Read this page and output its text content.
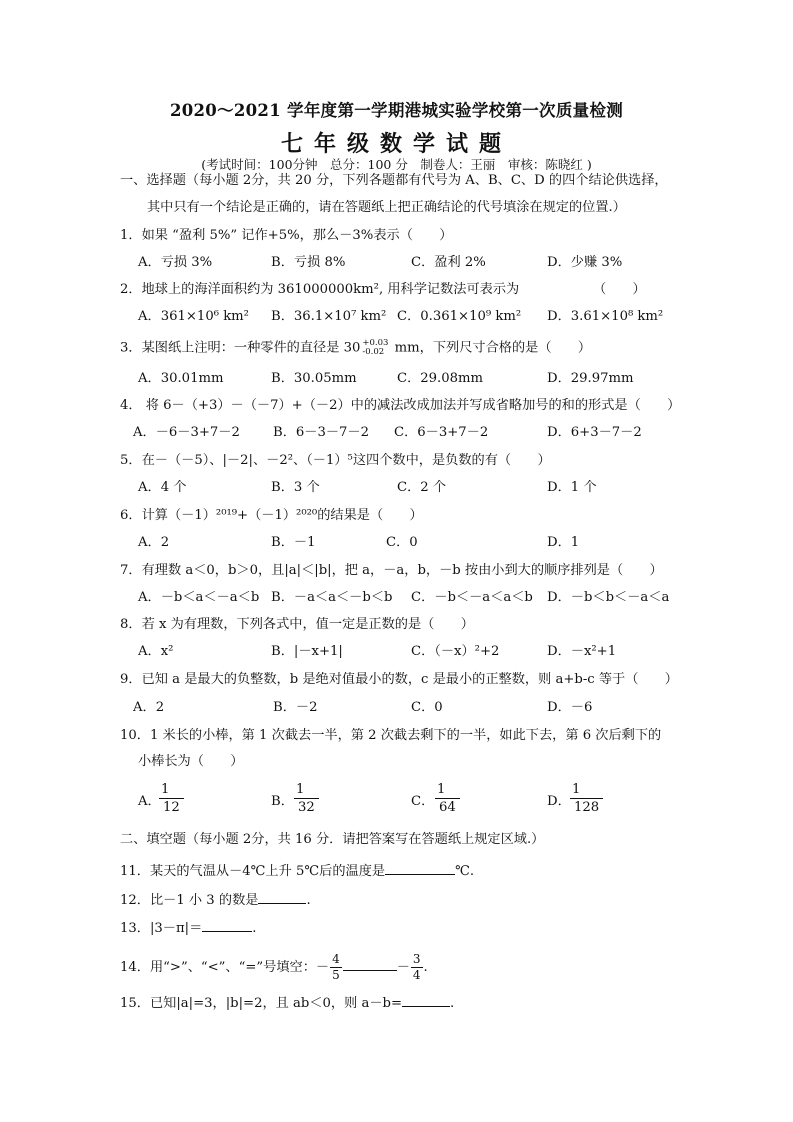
2020～2021 学年度第一学期港城实验学校第一次质量检测
七年级数学试题
(考试时间：100分钟　总分：100 分　制卷人：王丽　审核：陈晓红 )
一、选择题（每小题 2分，共 20 分，下列各题都有代号为 A、B、C、D 的四个结论供选择，
其中只有一个结论是正确的，请在答题纸上把正确结论的代号填涂在规定的位置.）
1．如果 “盈利 5%” 记作+5%，那么－3%表示（　　）
A．亏损 3%	B．亏损 8%	C．盈利 2%	D．少赚 3%
2．地球上的海洋面积约为 361000000km², 用科学记数法可表示为	（　　）
A．361×10⁶ km² B．36.1×10⁷ km² C．0.361×10⁹ km² D．3.61×10⁸ km²
3．某图纸上注明：一种零件的直径是 30 +0.03
-0.02 mm，下列尺寸合格的是（　　）
A．30.01mm	B．30.05mm	C．29.08mm	D．29.97mm
4． 将 6－（+3）－（－7）+（－2）中的减法改成加法并写成省略加号的和的形式是（　　）
A．－6－3+7－2	B．6－3－7－2 C．6－3+7－2	D．6+3－7－2
5．在－（－5）、|－2|、－2²、（－1）⁵这四个数中，是负数的有（　　）
A．4 个	B．3 个	C．2 个	D．1 个
6．计算（－1）²⁰¹⁹+（－1）²⁰²⁰的结果是（　　）
A．2	B．－1	C．0	D．1
7．有理数 a＜0，b＞0，且|a|＜|b|，把 a，－a，b，－b 按由小到大的顺序排列是（　　）
A．－b＜a＜－a＜b B．－a＜a＜－b＜b C．－b＜－a＜a＜b D．－b＜b＜－a＜a
8．若 x 为有理数，下列各式中，值一定是正数的是（　　）
A．x²	B．|－x+1|	C．（－x）²+2	D．－x²+1
9．已知 a 是最大的负整数，b 是绝对值最小的数，c 是最小的正整数，则 a+b-c 等于（　　）
A．2	B．－2	C．0	D．－6
10．1 米长的小棒，第 1 次截去一半，第 2 次截去剩下的一半，如此下去，第 6 次后剩下的
小棒长为（　　）
A． $\frac{1}{12}$	B． $\frac{1}{32}$	C． $\frac{1}{64}$	D． $\frac{1}{128}$
二、填空题（每小题 2分，共 16 分．请把答案写在答题纸上规定区域.）
11．某天的气温从－4℃上升 5℃后的温度是	℃.
12．比－1 小 3 的数是	.
13．|3－π|＝	.
14．用“>”、“<”、“=”号填空：－ $\frac{4}{5}$	－ $\frac{3}{4}$ .
15．已知|a|=3，|b|=2，且 ab＜0，则 a－b=	.
